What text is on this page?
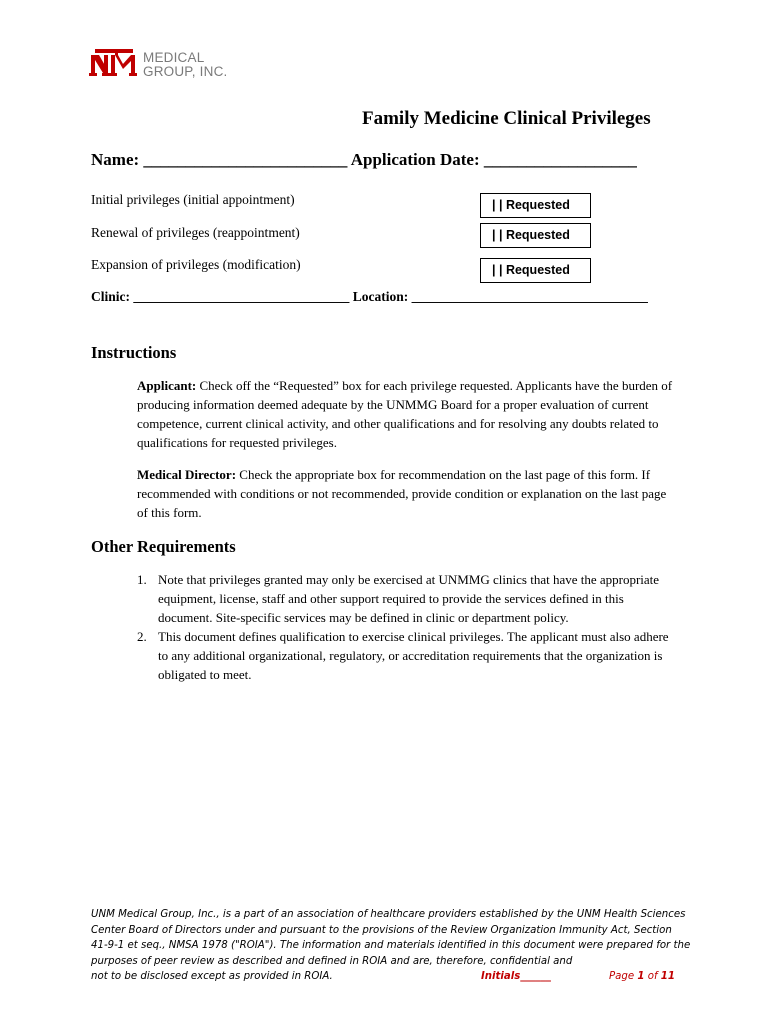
MEDICAL
GROUP, INC.
Family Medicine Clinical Privileges
Name: ________________________ Application Date: __________________
Initial privileges (initial appointment)	| | Requested
Renewal of privileges (reappointment)	| | Requested
Expansion of privileges (modification)	| | Requested
Clinic: ________________________________ Location: ___________________________________
Instructions

Applicant: Check off the “Requested” box for each privilege requested. Applicants have the burden of producing information deemed adequate by the UNMMG Board for a proper evaluation of current competence, current clinical activity, and other qualifications and for resolving any doubts related to qualifications for requested privileges.

Medical Director: Check the appropriate box for recommendation on the last page of this form. If recommended with conditions or not recommended, provide condition or explanation on the last page of this form.

Other Requirements
1. Note that privileges granted may only be exercised at UNMMG clinics that have the appropriate equipment, license, staff and other support required to provide the services defined in this document. Site-specific services may be defined in clinic or department policy.
2. This document defines qualification to exercise clinical privileges. The applicant must also adhere to any additional organizational, regulatory, or accreditation requirements that the organization is obligated to meet.
UNM Medical Group, Inc., is a part of an association of healthcare providers established by the UNM Health Sciences Center Board of Directors under and pursuant to the provisions of the Review Organization Immunity Act, Section 41-9-1 et seq., NMSA 1978 ("ROIA"). The information and materials identified in this document were prepared for the purposes of peer review as described and defined in ROIA and are, therefore, confidential and
not to be disclosed except as provided in ROIA.	Initials______	Page 1 of 11
